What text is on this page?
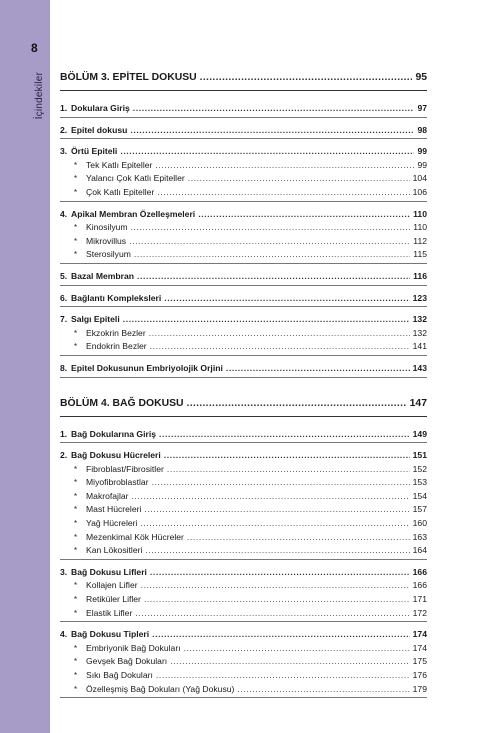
İçindekiler
8
BÖLÜM 3. EPİTEL DOKUSU .....	95
1. Dokulara Giriş .....	97
2. Epitel dokusu .....	98
3. Örtü Epiteli .....	99
* Tek Katlı Epiteller .....	99
* Yalancı Çok Katlı Epiteller .....	104
* Çok Katlı Epiteller .....	106
4. Apikal Membran Özelleşmeleri .....	110
* Kinosilyum .....	110
* Mikrovillus .....	112
* Sterosilyum .....	115
5. Bazal Membran .....	116
6. Bağlantı Kompleksleri .....	123
7. Salgı Epiteli .....	132
* Ekzokrin Bezler .....	132
* Endokrin Bezler .....	141
8. Epitel Dokusunun Embriyolojik Orjini .....	143
BÖLÜM 4. BAĞ DOKUSU .....	147
1. Bağ Dokularına Giriş .....	149
2. Bağ Dokusu Hücreleri .....	151
* Fibroblast/Fibrositler .....	152
* Miyofibroblastlar .....	153
* Makrofajlar .....	154
* Mast Hücreleri .....	157
* Yağ Hücreleri .....	160
* Mezenkimal Kök Hücreler .....	163
* Kan Lökositleri .....	164
3. Bağ Dokusu Lifleri .....	166
* Kollajen Lifler .....	166
* Retiküler Lifler .....	171
* Elastik Lifler .....	172
4. Bağ Dokusu Tipleri .....	174
* Embriyonik Bağ Dokuları .....	174
* Gevşek Bağ Dokuları .....	175
* Sıkı Bağ Dokuları .....	176
* Özelleşmiş Bağ Dokuları (Yağ Dokusu) .....	179
